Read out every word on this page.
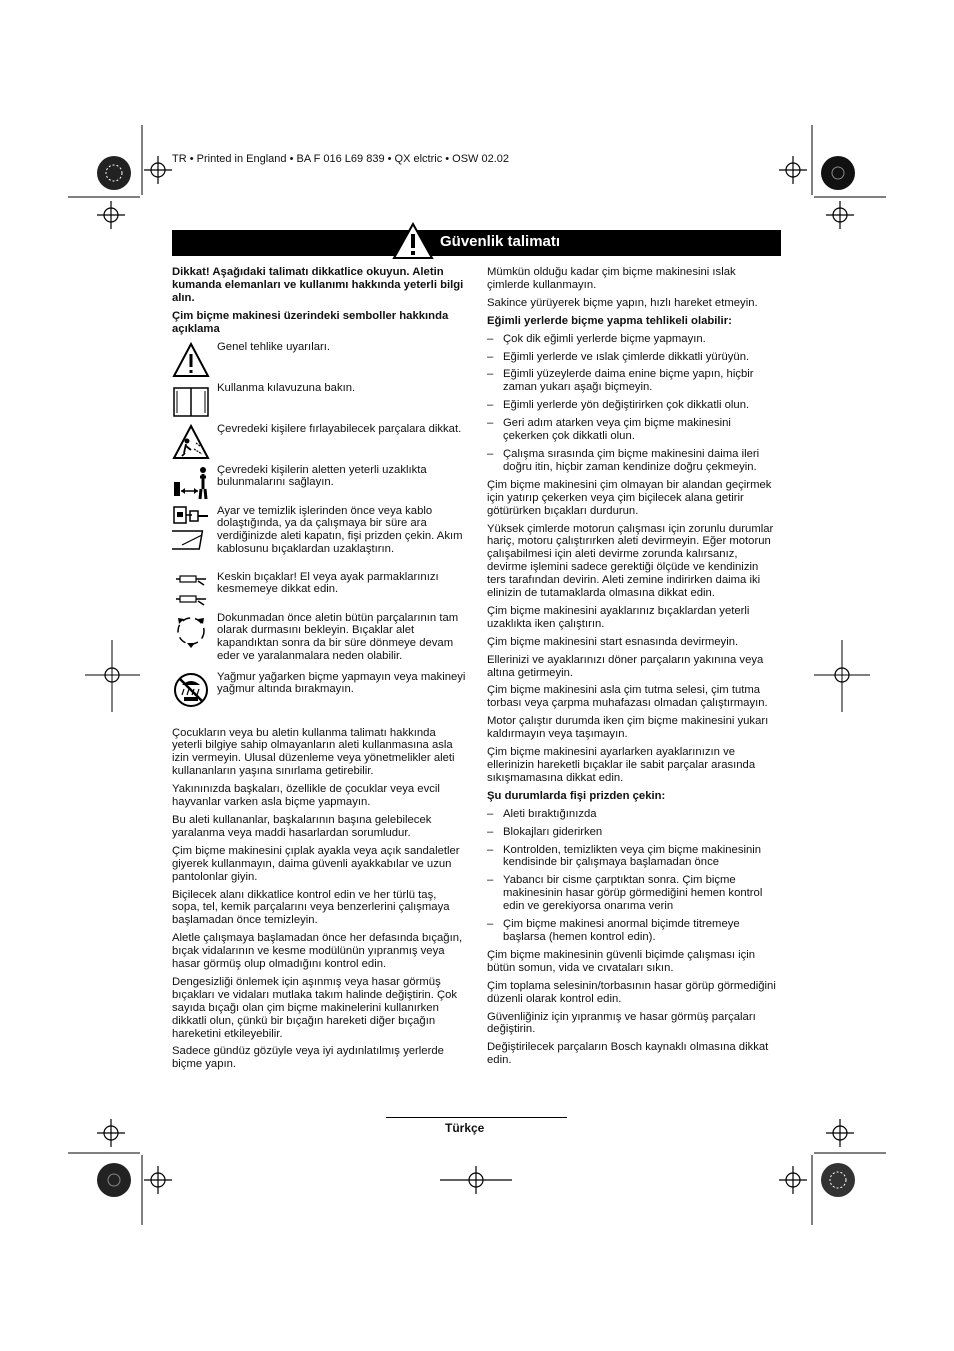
TR • Printed in England • BA F 016 L69 839 • QX elctric • OSW 02.02
Güvenlik talimatı

Dikkat! Aşağıdaki talimatı dikkatlice okuyun. Aletin kumanda elemanları ve kullanımı hakkında yeterli bilgi alın.

Çim biçme makinesi üzerindeki semboller hakkında açıklama

Genel tehlike uyarıları.
Kullanma kılavuzuna bakın.
Çevredeki kişilere fırlayabilecek parçalara dikkat.
Çevredeki kişilerin aletten yeterli uzaklıkta bulunmalarını sağlayın.
Ayar ve temizlik işlerinden önce veya kablo dolaştığında, ya da çalışmaya bir süre ara verdiğinizde aleti kapatın, fişi prizden çekin. Akım kablosunu bıçaklardan uzaklaştırın.
Keskin bıçaklar! El veya ayak parmaklarınızı kesmemeye dikkat edin.
Dokunmadan önce aletin bütün parçalarının tam olarak durmasını bekleyin. Bıçaklar alet kapandıktan sonra da bir süre dönmeye devam eder ve yaralanmalara neden olabilir.
Yağmur yağarken biçme yapmayın veya makineyi yağmur altında bırakmayın.

Çocukların veya bu aletin kullanma talimatı hakkında yeterli bilgiye sahip olmayanların aleti kullanmasına asla izin vermeyin. Ulusal düzenleme veya yönetmelikler aleti kullananların yaşına sınırlama getirebilir.

Yakınınızda başkaları, özellikle de çocuklar veya evcil hayvanlar varken asla biçme yapmayın.

Bu aleti kullananlar, başkalarının başına gelebilecek yaralanma veya maddi hasarlardan sorumludur.

Çim biçme makinesini çıplak ayakla veya açık sandaletler giyerek kullanmayın, daima güvenli ayakkabılar ve uzun pantolonlar giyin.

Biçilecek alanı dikkatlice kontrol edin ve her türlü taş, sopa, tel, kemik parçalarını veya benzerlerini çalışmaya başlamadan önce temizleyin.

Aletle çalışmaya başlamadan önce her defasında bıçağın, bıçak vidalarının ve kesme modülünün yıpranmış veya hasar görmüş olup olmadığını kontrol edin.

Dengesizliği önlemek için aşınmış veya hasar görmüş bıçakları ve vidaları mutlaka takım halinde değiştirin. Çok sayıda bıçağı olan çim biçme makinelerini kullanırken dikkatli olun, çünkü bir bıçağın hareketi diğer bıçağın hareketini etkileyebilir.

Sadece gündüz gözüyle veya iyi aydınlatılmış yerlerde biçme yapın.

Mümkün olduğu kadar çim biçme makinesini ıslak çimlerde kullanmayın.

Sakince yürüyerek biçme yapın, hızlı hareket etmeyin.

Eğimli yerlerde biçme yapma tehlikeli olabilir:

– Çok dik eğimli yerlerde biçme yapmayın.
– Eğimli yerlerde ve ıslak çimlerde dikkatli yürüyün.
– Eğimli yüzeylerde daima enine biçme yapın, hiçbir zaman yukarı aşağı biçmeyin.
– Eğimli yerlerde yön değiştirirken çok dikkatli olun.
– Geri adım atarken veya çim biçme makinesini çekerken çok dikkatli olun.
– Çalışma sırasında çim biçme makinesini daima ileri doğru itin, hiçbir zaman kendinize doğru çekmeyin.

Çim biçme makinesini çim olmayan bir alandan geçirmek için yatırıp çekerken veya çim biçilecek alana getirir götürürken bıçakları durdurun.

Yüksek çimlerde motorun çalışması için zorunlu durumlar hariç, motoru çalıştırırken aleti devirmeyin. Eğer motorun çalışabilmesi için aleti devirme zorunda kalırsanız, devirme işlemini sadece gerektiği ölçüde ve kendinizin ters tarafından devirin. Aleti zemine indirirken daima iki elinizin de tutamaklarda olmasına dikkat edin.

Çim biçme makinesini ayaklarınız bıçaklardan yeterli uzaklıkta iken çalıştırın.

Çim biçme makinesini start esnasında devirmeyin.

Ellerinizi ve ayaklarınızı döner parçaların yakınına veya altına getirmeyin.

Çim biçme makinesini asla çim tutma selesi, çim tutma torbası veya çarpma muhafazası olmadan çalıştırmayın.

Motor çalıştır durumda iken çim biçme makinesini yukarı kaldırmayın veya taşımayın.

Çim biçme makinesini ayarlarken ayaklarınızın ve ellerinizin hareketli bıçaklar ile sabit parçalar arasında sıkışmamasına dikkat edin.

Şu durumlarda fişi prizden çekin:

– Aleti bıraktığınızda
– Blokajları giderirken
– Kontrolden, temizlikten veya çim biçme makinesinin kendisinde bir çalışmaya başlamadan önce
– Yabancı bir cisme çarptıktan sonra. Çim biçme makinesinin hasar görüp görmediğini hemen kontrol edin ve gerekiyorsa onarıma verin
– Çim biçme makinesi anormal biçimde titremeye başlarsa (hemen kontrol edin).

Çim biçme makinesinin güvenli biçimde çalışması için bütün somun, vida ve cıvataları sıkın.

Çim toplama selesinin/torbasının hasar görüp görmediğini düzenli olarak kontrol edin.

Güvenliğiniz için yıpranmış ve hasar görmüş parçaları değiştirin.

Değiştirilecek parçaların Bosch kaynaklı olmasına dikkat edin.

Türkçe
